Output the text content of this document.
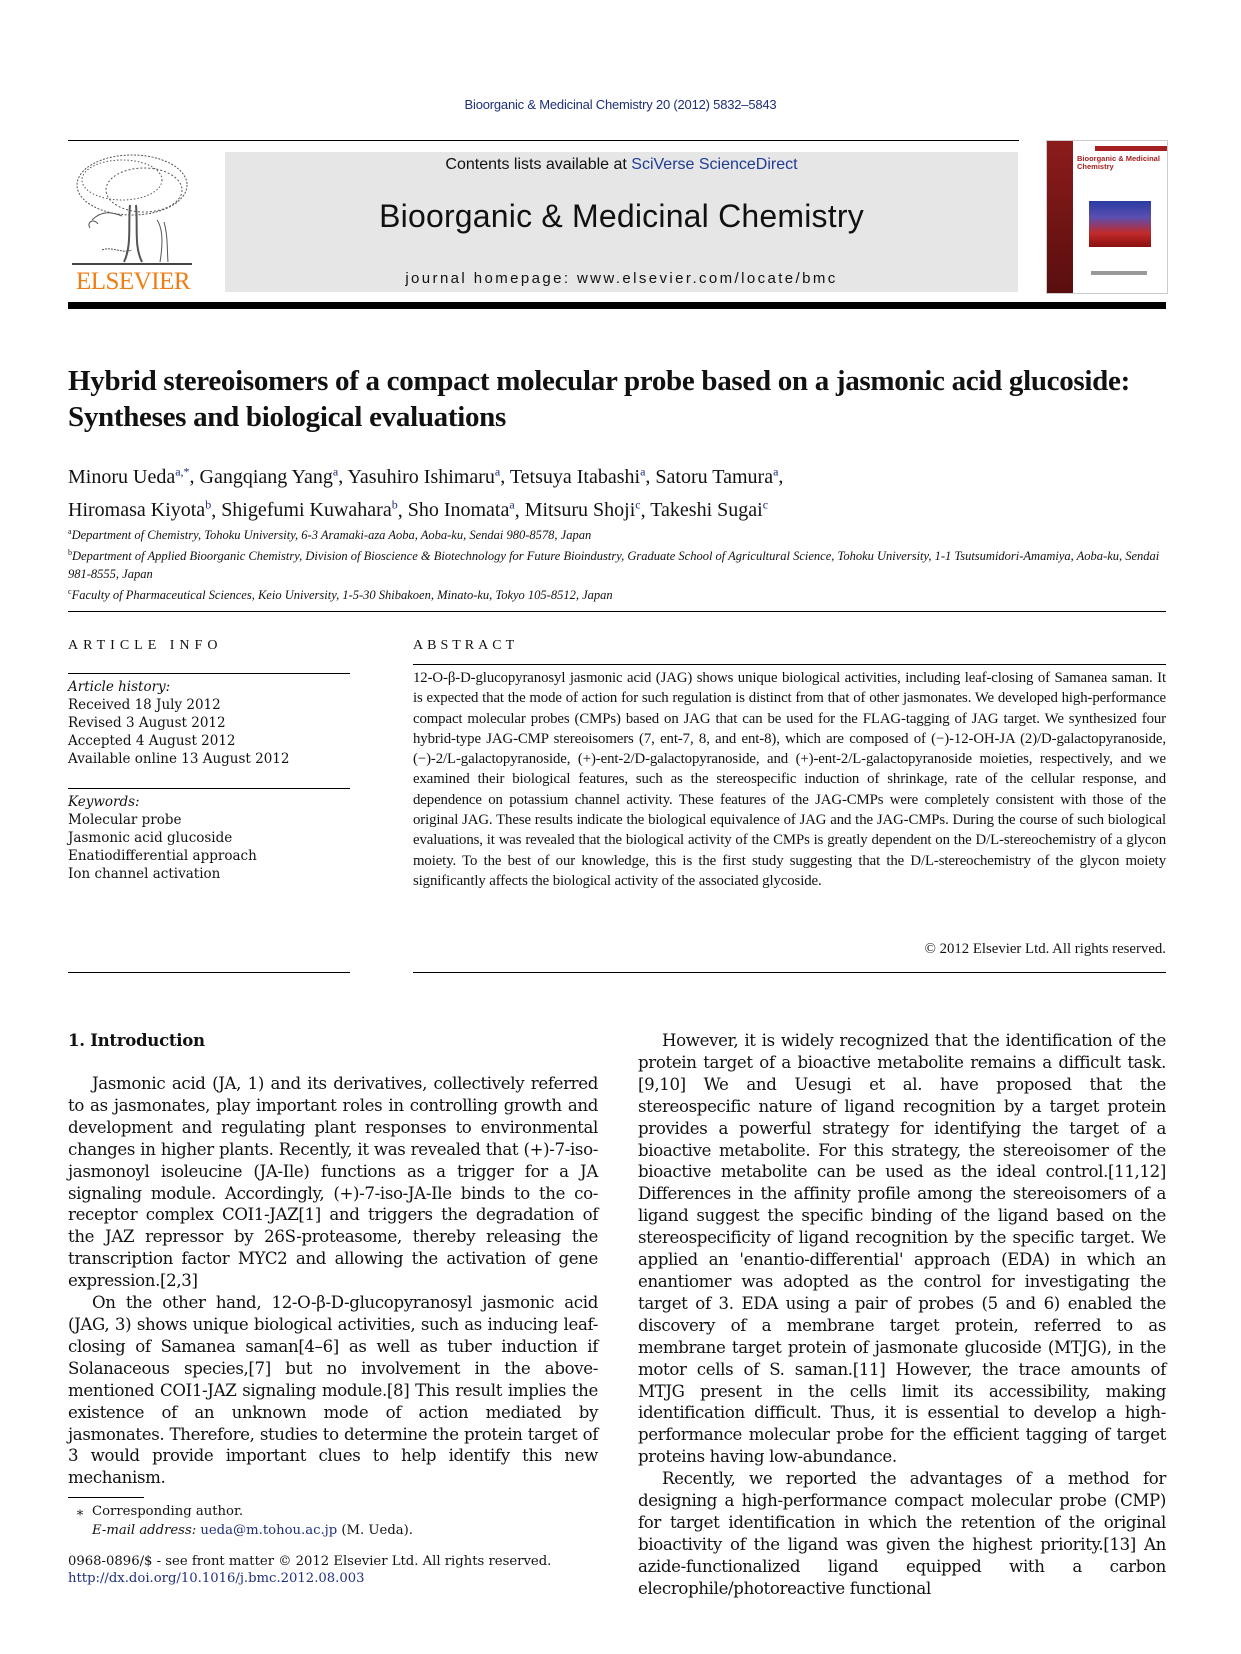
Bioorganic & Medicinal Chemistry 20 (2012) 5832–5843
ELSEVIER
Contents lists available at SciVerse ScienceDirect
Bioorganic & Medicinal Chemistry
journal homepage: www.elsevier.com/locate/bmc
Bioorganic & Medicinal Chemistry
Hybrid stereoisomers of a compact molecular probe based on a jasmonic acid glucoside: Syntheses and biological evaluations
Minoru Ueda$^{a,*}$, Gangqiang Yang$^a$, Yasuhiro Ishimaru$^a$, Tetsuya Itabashi$^a$, Satoru Tamura$^a$,
Hiromasa Kiyota$^b$, Shigefumi Kuwahara$^b$, Sho Inomata$^a$, Mitsuru Shoji$^c$, Takeshi Sugai$^c$
$^a$Department of Chemistry, Tohoku University, 6-3 Aramaki-aza Aoba, Aoba-ku, Sendai 980-8578, Japan
$^b$Department of Applied Bioorganic Chemistry, Division of Bioscience & Biotechnology for Future Bioindustry, Graduate School of Agricultural Science, Tohoku University, 1-1 Tsutsumidori-Amamiya, Aoba-ku, Sendai 981-8555, Japan
$^c$Faculty of Pharmaceutical Sciences, Keio University, 1-5-30 Shibakoen, Minato-ku, Tokyo 105-8512, Japan
ARTICLE INFO
Article history:
Received 18 July 2012
Revised 3 August 2012
Accepted 4 August 2012
Available online 13 August 2012
Keywords:
Molecular probe
Jasmonic acid glucoside
Enatiodifferential approach
Ion channel activation
ABSTRACT
12-O-β-D-glucopyranosyl jasmonic acid (JAG) shows unique biological activities, including leaf-closing of Samanea saman. It is expected that the mode of action for such regulation is distinct from that of other jasmonates. We developed high-performance compact molecular probes (CMPs) based on JAG that can be used for the FLAG-tagging of JAG target. We synthesized four hybrid-type JAG-CMP stereoisomers (7, ent-7, 8, and ent-8), which are composed of (−)-12-OH-JA (2)/D-galactopyranoside, (−)-2/L-galactopyranoside, (+)-ent-2/D-galactopyranoside, and (+)-ent-2/L-galactopyranoside moieties, respectively, and we examined their biological features, such as the stereospecific induction of shrinkage, rate of the cellular response, and dependence on potassium channel activity. These features of the JAG-CMPs were completely consistent with those of the original JAG. These results indicate the biological equivalence of JAG and the JAG-CMPs. During the course of such biological evaluations, it was revealed that the biological activity of the CMPs is greatly dependent on the D/L-stereochemistry of a glycon moiety. To the best of our knowledge, this is the first study suggesting that the D/L-stereochemistry of the glycon moiety significantly affects the biological activity of the associated glycoside.
© 2012 Elsevier Ltd. All rights reserved.
1. Introduction

Jasmonic acid (JA, 1) and its derivatives, collectively referred to as jasmonates, play important roles in controlling growth and development and regulating plant responses to environmental changes in higher plants. Recently, it was revealed that (+)-7-iso-jasmonoyl isoleucine (JA-Ile) functions as a trigger for a JA signaling module. Accordingly, (+)-7-iso-JA-Ile binds to the co-receptor complex COI1-JAZ[1] and triggers the degradation of the JAZ repressor by 26S-proteasome, thereby releasing the transcription factor MYC2 and allowing the activation of gene expression.[2,3]

On the other hand, 12-O-β-D-glucopyranosyl jasmonic acid (JAG, 3) shows unique biological activities, such as inducing leaf-closing of Samanea saman[4–6] as well as tuber induction if Solanaceous species,[7] but no involvement in the above-mentioned COI1-JAZ signaling module.[8] This result implies the existence of an unknown mode of action mediated by jasmonates. Therefore, studies to determine the protein target of 3 would provide important clues to help identify this new mechanism.

However, it is widely recognized that the identification of the protein target of a bioactive metabolite remains a difficult task.[9,10] We and Uesugi et al. have proposed that the stereospecific nature of ligand recognition by a target protein provides a powerful strategy for identifying the target of a bioactive metabolite. For this strategy, the stereoisomer of the bioactive metabolite can be used as the ideal control.[11,12] Differences in the affinity profile among the stereoisomers of a ligand suggest the specific binding of the ligand based on the stereospecificity of ligand recognition by the specific target. We applied an 'enantio-differential' approach (EDA) in which an enantiomer was adopted as the control for investigating the target of 3. EDA using a pair of probes (5 and 6) enabled the discovery of a membrane target protein, referred to as membrane target protein of jasmonate glucoside (MTJG), in the motor cells of S. saman.[11] However, the trace amounts of MTJG present in the cells limit its accessibility, making identification difficult. Thus, it is essential to develop a high-performance molecular probe for the efficient tagging of target proteins having low-abundance.

Recently, we reported the advantages of a method for designing a high-performance compact molecular probe (CMP) for target identification in which the retention of the original bioactivity of the ligand was given the highest priority.[13] An azide-functionalized ligand equipped with a carbon elecrophile/photoreactive functional

⁎ Corresponding author.
E-mail address: ueda@m.tohou.ac.jp (M. Ueda).
0968-0896/$ - see front matter © 2012 Elsevier Ltd. All rights reserved.
http://dx.doi.org/10.1016/j.bmc.2012.08.003
